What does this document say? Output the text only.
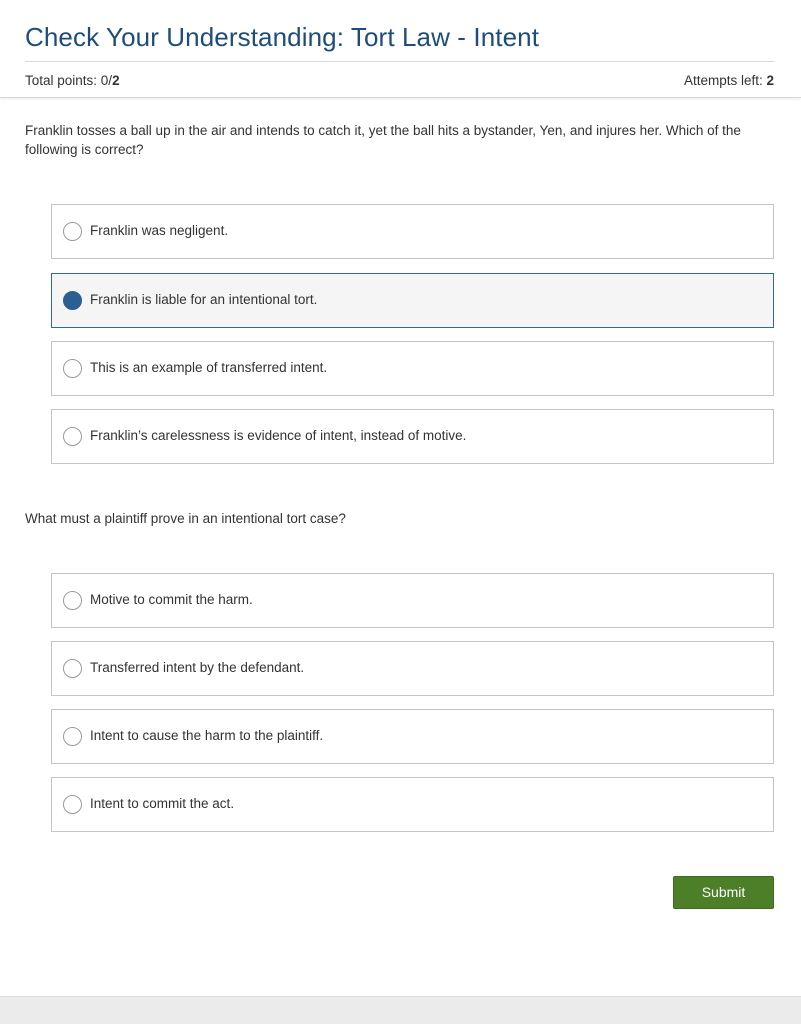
Check Your Understanding: Tort Law - Intent
Total points: 0/2	Attempts left: 2

Franklin tosses a ball up in the air and intends to catch it, yet the ball hits a bystander, Yen, and injures her. Which of the following is correct?

Franklin was negligent.
Franklin is liable for an intentional tort.
This is an example of transferred intent.
Franklin’s carelessness is evidence of intent, instead of motive.

What must a plaintiff prove in an intentional tort case?

Motive to commit the harm.
Transferred intent by the defendant.
Intent to cause the harm to the plaintiff.
Intent to commit the act.
Submit
